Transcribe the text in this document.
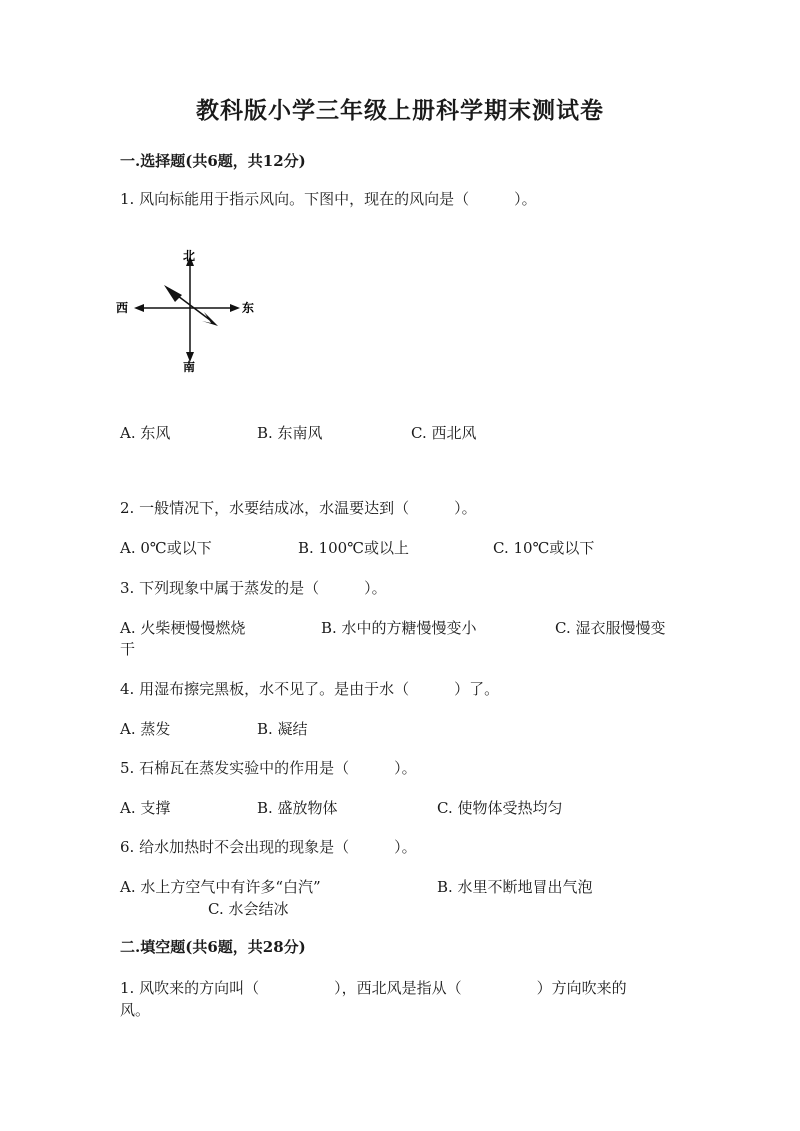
教科版小学三年级上册科学期末测试卷
一.选择题(共6题，共12分)
1. 风向标能用于指示风向。下图中，现在的风向是（　　　）。
北
南
西	东
A. 东风	B. 东南风	C. 西北风
2. 一般情况下，水要结成冰，水温要达到（　　　）。
A. 0℃或以下	B. 100℃或以上	C. 10℃或以下
3. 下列现象中属于蒸发的是（　　　）。
A. 火柴梗慢慢燃烧	B. 水中的方糖慢慢变小	C. 湿衣服慢慢变
干
4. 用湿布擦完黑板，水不见了。是由于水（　　　）了。
A. 蒸发	B. 凝结
5. 石棉瓦在蒸发实验中的作用是（　　　）。
A. 支撑	B. 盛放物体	C. 使物体受热均匀
6. 给水加热时不会出现的现象是（　　　）。
A. 水上方空气中有许多“白汽”	B. 水里不断地冒出气泡
C. 水会结冰
二.填空题(共6题，共28分)
1. 风吹来的方向叫（　　　　　），西北风是指从（　　　　　）方向吹来的
风。
